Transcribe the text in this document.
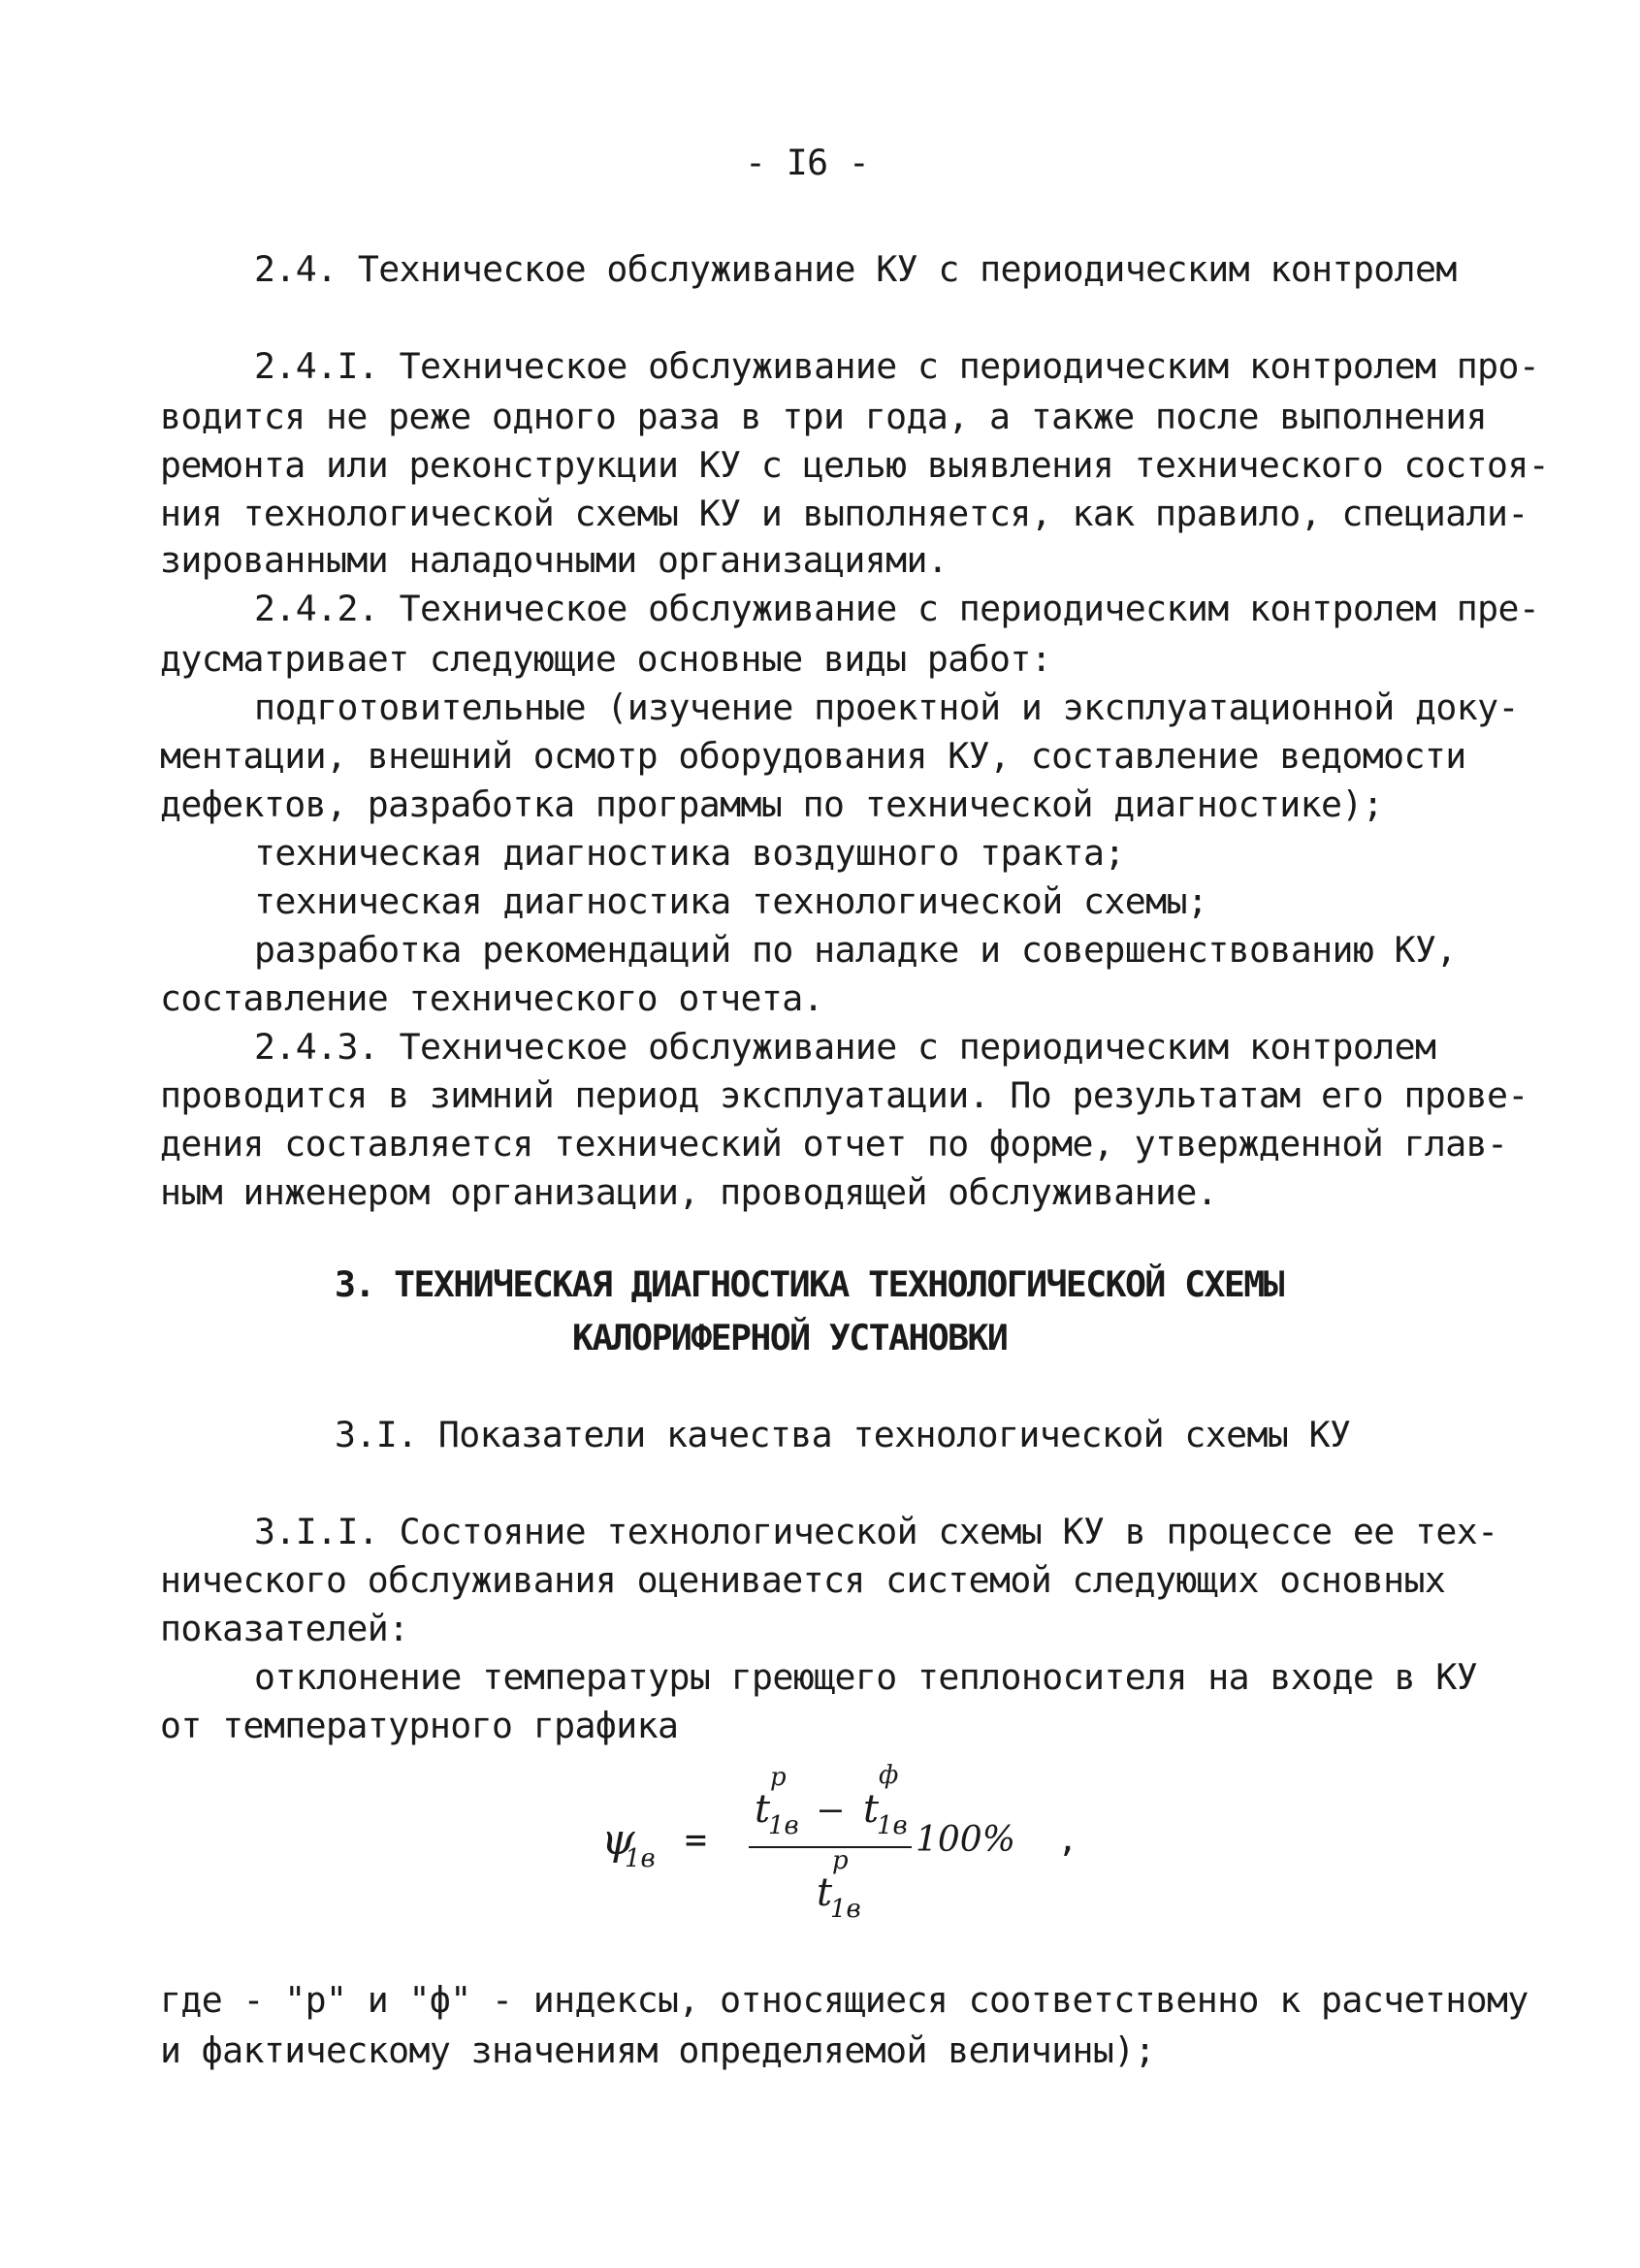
- I6 -
2.4. Техническое обслуживание КУ с периодическим контролем
2.4.I. Техническое обслуживание с периодическим контролем про-
водится не реже одного раза в три года, а также после выполнения
ремонта или реконструкции КУ с целью выявления технического состоя-
ния технологической схемы КУ и выполняется, как правило, специали-
зированными наладочными организациями.
2.4.2. Техническое обслуживание с периодическим контролем пре-
дусматривает следующие основные виды работ:
подготовительные (изучение проектной и эксплуатационной доку-
ментации, внешний осмотр оборудования КУ, составление ведомости
дефектов, разработка программы по технической диагностике);
техническая диагностика воздушного тракта;
техническая диагностика технологической схемы;
разработка рекомендаций по наладке и совершенствованию КУ,
составление технического отчета.
2.4.3. Техническое обслуживание с периодическим контролем
проводится в зимний период эксплуатации. По результатам его прове-
дения составляется технический отчет по форме, утвержденной глав-
ным инженером организации, проводящей обслуживание.
3. ТЕХНИЧЕСКАЯ ДИАГНОСТИКА ТЕХНОЛОГИЧЕСКОЙ СХЕМЫ
КАЛОРИФЕРНОЙ УСТАНОВКИ
3.I. Показатели качества технологической схемы КУ
3.I.I. Состояние технологической схемы КУ в процессе ее тех-
нического обслуживания оценивается системой следующих основных
показателей:
отклонение температуры греющего теплоносителя на входе в КУ
от температурного графика
ψ
1в =
t
р
1в – t
ф
1в
t
р
1в
100% ,
где - "р" и "ф" - индексы, относящиеся соответственно к расчетному
и фактическому значениям определяемой величины);
